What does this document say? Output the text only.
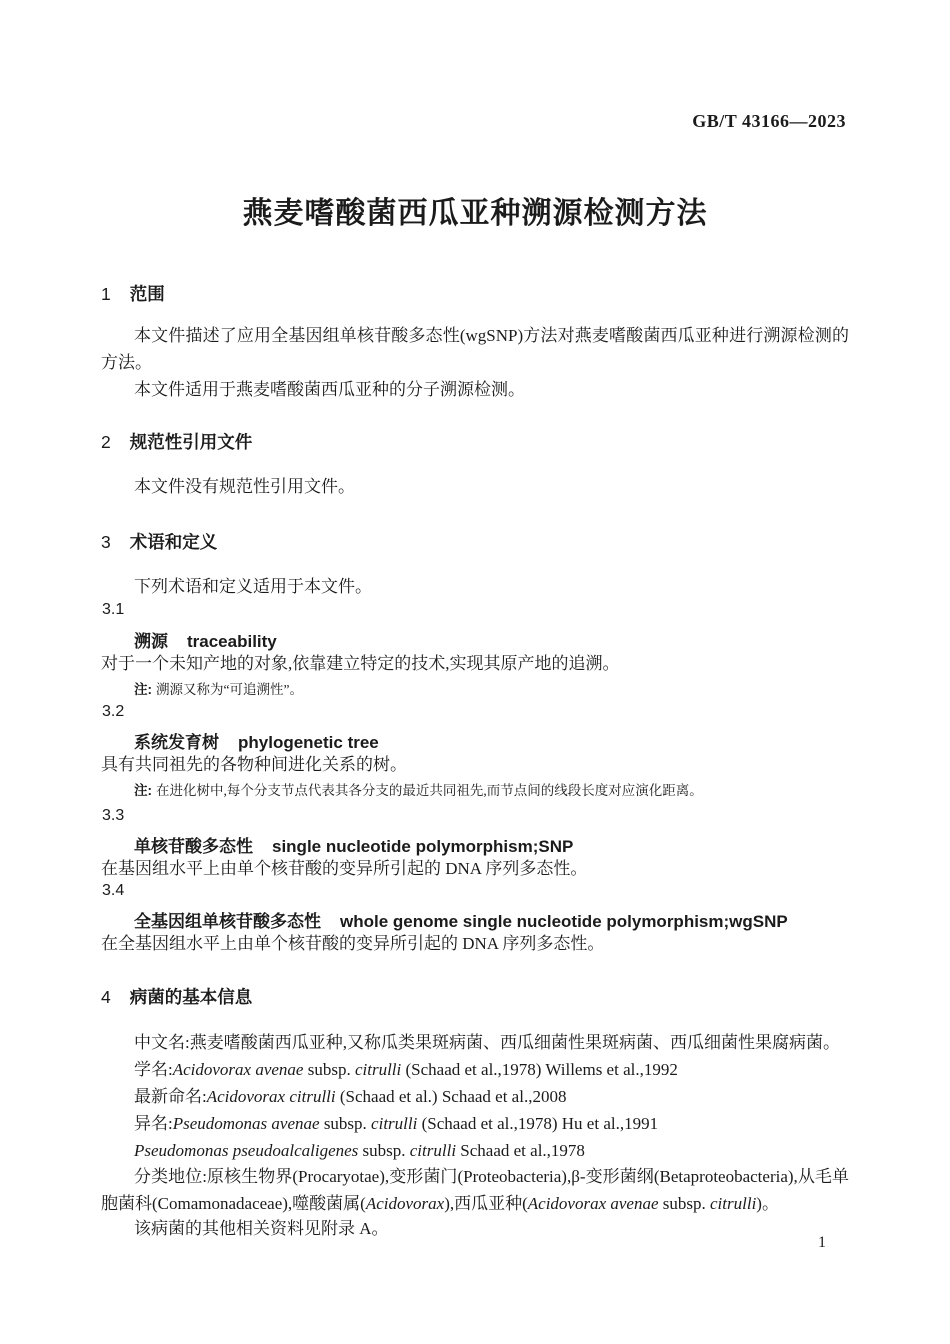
GB/T 43166—2023
燕麦嗜酸菌西瓜亚种溯源检测方法
1 范围
本文件描述了应用全基因组单核苷酸多态性(wgSNP)方法对燕麦嗜酸菌西瓜亚种进行溯源检测的方法。
本文件适用于燕麦嗜酸菌西瓜亚种的分子溯源检测。
2 规范性引用文件
本文件没有规范性引用文件。
3 术语和定义
下列术语和定义适用于本文件。
3.1
溯源 traceability
对于一个未知产地的对象,依靠建立特定的技术,实现其原产地的追溯。
注: 溯源又称为“可追溯性”。
3.2
系统发育树 phylogenetic tree
具有共同祖先的各物种间进化关系的树。
注: 在进化树中,每个分支节点代表其各分支的最近共同祖先,而节点间的线段长度对应演化距离。
3.3
单核苷酸多态性 single nucleotide polymorphism;SNP
在基因组水平上由单个核苷酸的变异所引起的 DNA 序列多态性。
3.4
全基因组单核苷酸多态性 whole genome single nucleotide polymorphism;wgSNP
在全基因组水平上由单个核苷酸的变异所引起的 DNA 序列多态性。
4 病菌的基本信息
中文名:燕麦嗜酸菌西瓜亚种,又称瓜类果斑病菌、西瓜细菌性果斑病菌、西瓜细菌性果腐病菌。
学名:Acidovorax avenae subsp. citrulli (Schaad et al.,1978) Willems et al.,1992
最新命名:Acidovorax citrulli (Schaad et al.) Schaad et al.,2008
异名:Pseudomonas avenae subsp. citrulli (Schaad et al.,1978) Hu et al.,1991
Pseudomonas pseudoalcaligenes subsp. citrulli Schaad et al.,1978
分类地位:原核生物界(Procaryotae),变形菌门(Proteobacteria),β-变形菌纲(Betaproteobacteria),从毛单胞菌科(Comamonadaceae),噬酸菌属(Acidovorax),西瓜亚种(Acidovorax avenae subsp. citrulli)。
该病菌的其他相关资料见附录 A。
1
